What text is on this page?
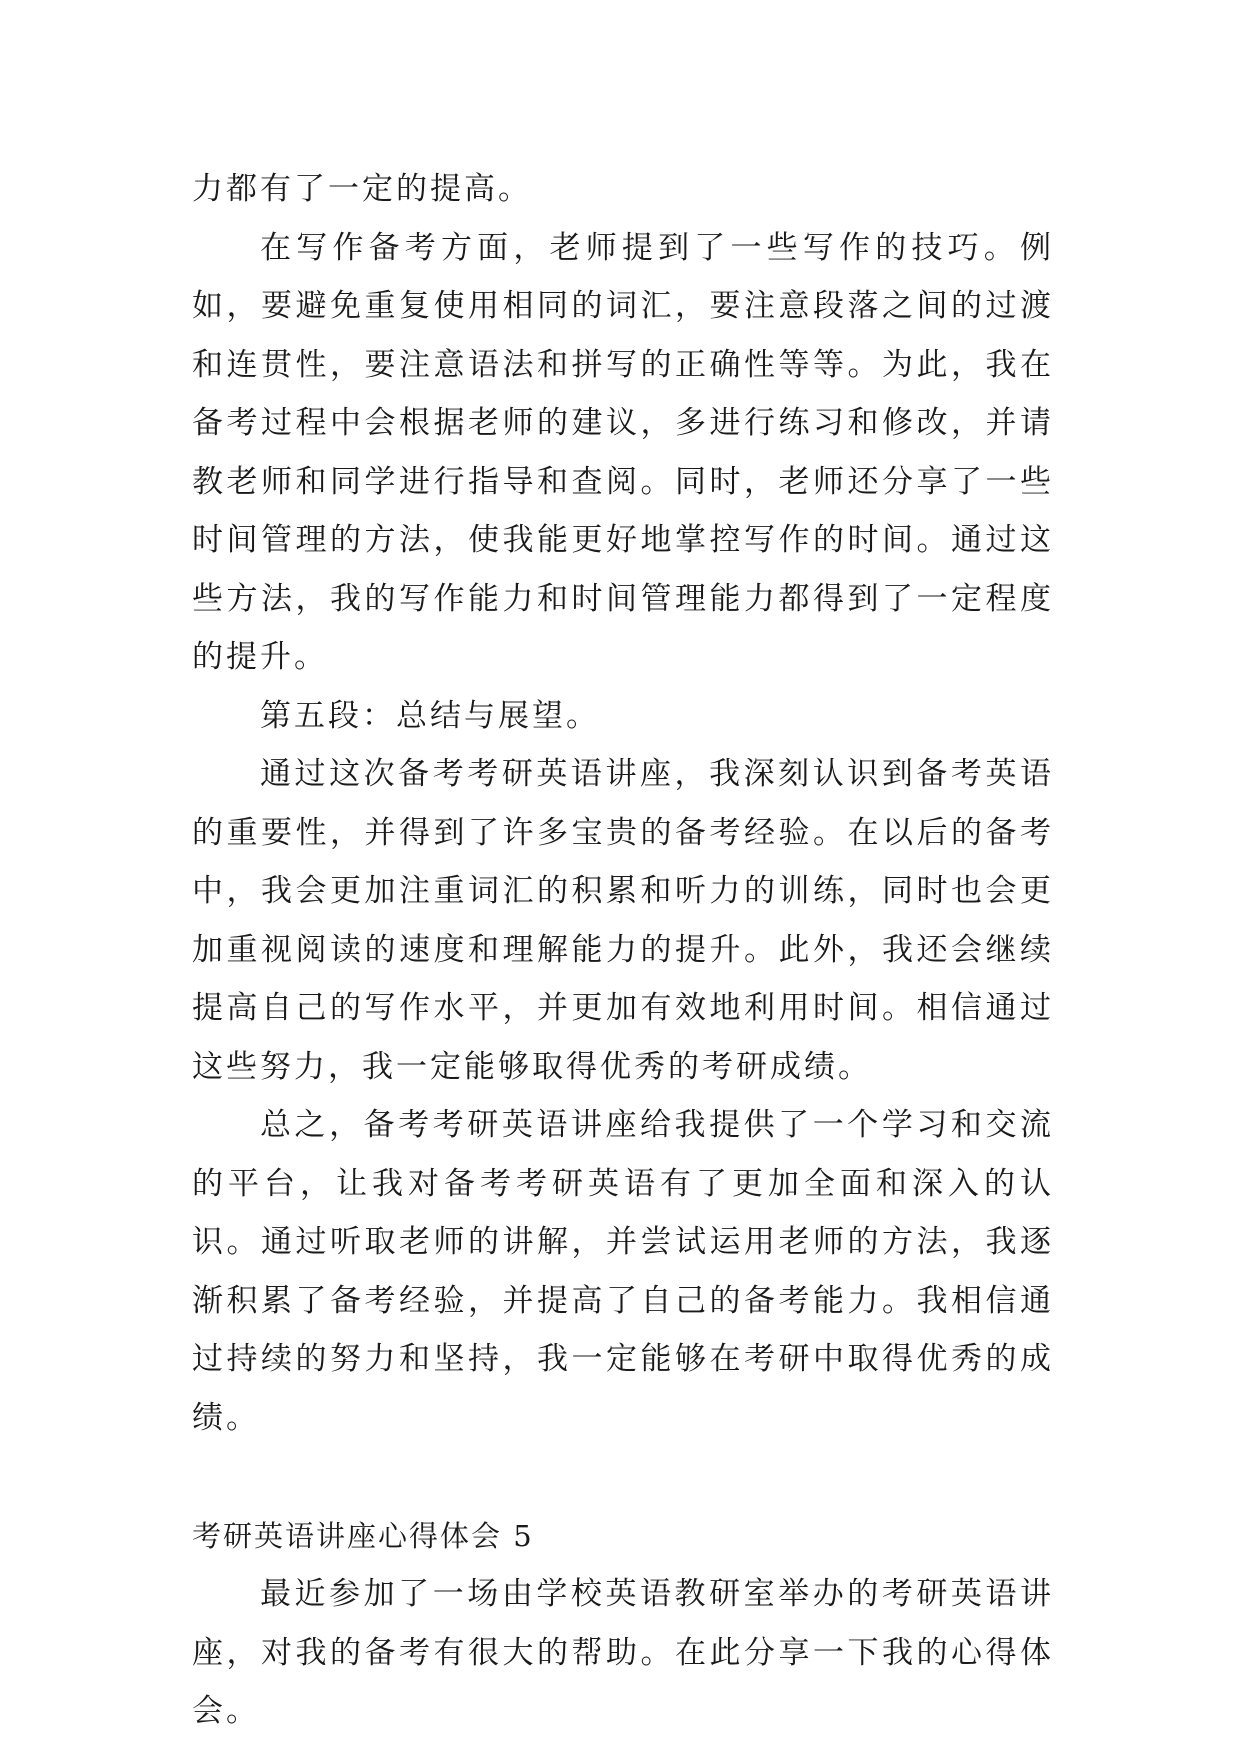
力都有了一定的提高。

在写作备考方面，老师提到了一些写作的技巧。例如，要避免重复使用相同的词汇，要注意段落之间的过渡和连贯性，要注意语法和拼写的正确性等等。为此，我在备考过程中会根据老师的建议，多进行练习和修改，并请教老师和同学进行指导和查阅。同时，老师还分享了一些时间管理的方法，使我能更好地掌控写作的时间。通过这些方法，我的写作能力和时间管理能力都得到了一定程度的提升。

第五段：总结与展望。

通过这次备考考研英语讲座，我深刻认识到备考英语的重要性，并得到了许多宝贵的备考经验。在以后的备考中，我会更加注重词汇的积累和听力的训练，同时也会更加重视阅读的速度和理解能力的提升。此外，我还会继续提高自己的写作水平，并更加有效地利用时间。相信通过这些努力，我一定能够取得优秀的考研成绩。

总之，备考考研英语讲座给我提供了一个学习和交流的平台，让我对备考考研英语有了更加全面和深入的认识。通过听取老师的讲解，并尝试运用老师的方法，我逐渐积累了备考经验，并提高了自己的备考能力。我相信通过持续的努力和坚持，我一定能够在考研中取得优秀的成绩。

考研英语讲座心得体会 5

最近参加了一场由学校英语教研室举办的考研英语讲座，对我的备考有很大的帮助。在此分享一下我的心得体会。
